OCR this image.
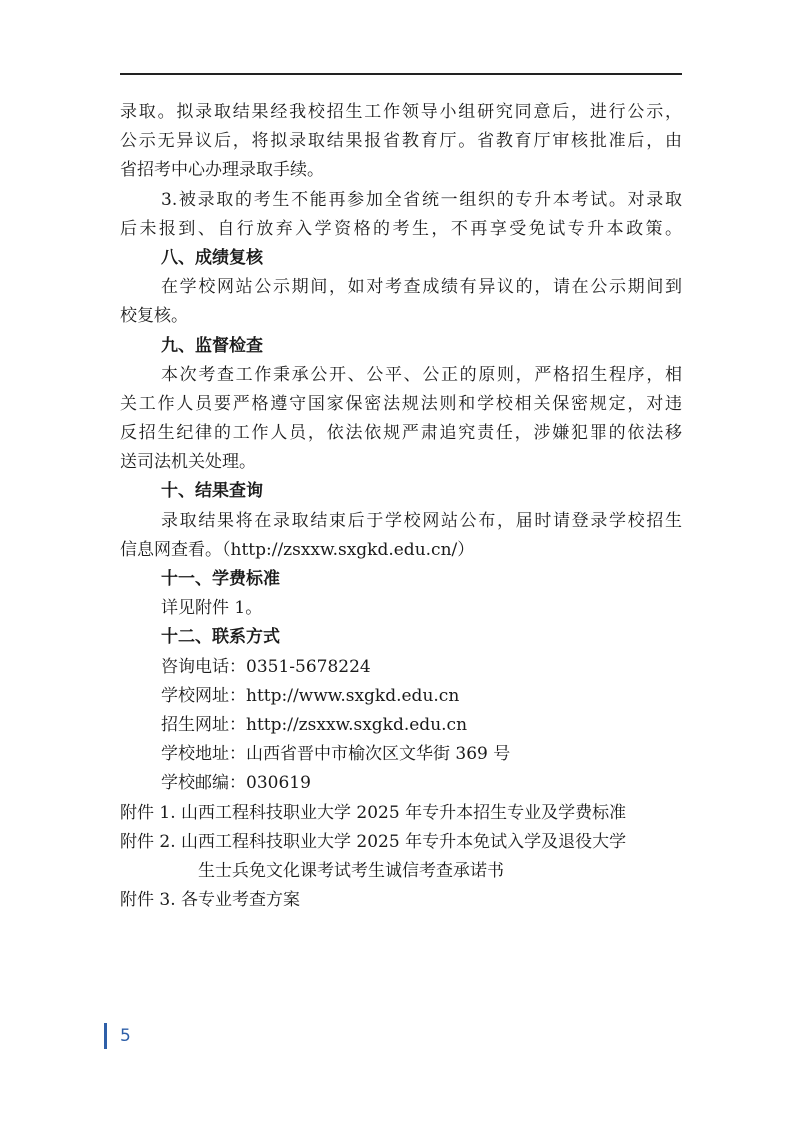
录取。拟录取结果经我校招生工作领导小组研究同意后，进行公示，
公示无异议后，将拟录取结果报省教育厅。省教育厅审核批准后，由
省招考中心办理录取手续。
3.被录取的考生不能再参加全省统一组织的专升本考试。对录取
后未报到、自行放弃入学资格的考生，不再享受免试专升本政策。
八、成绩复核
在学校网站公示期间，如对考查成绩有异议的，请在公示期间到
校复核。
九、监督检查
本次考查工作秉承公开、公平、公正的原则，严格招生程序，相
关工作人员要严格遵守国家保密法规法则和学校相关保密规定，对违
反招生纪律的工作人员，依法依规严肃追究责任，涉嫌犯罪的依法移
送司法机关处理。
十、结果查询
录取结果将在录取结束后于学校网站公布，届时请登录学校招生
信息网查看。（http://zsxxw.sxgkd.edu.cn/）
十一、学费标准
详见附件 1。
十二、联系方式
咨询电话：0351-5678224
学校网址：http://www.sxgkd.edu.cn
招生网址：http://zsxxw.sxgkd.edu.cn
学校地址：山西省晋中市榆次区文华街 369 号
学校邮编：030619
附件 1. 山西工程科技职业大学 2025 年专升本招生专业及学费标准
附件 2. 山西工程科技职业大学 2025 年专升本免试入学及退役大学
生士兵免文化课考试考生诚信考查承诺书
附件 3. 各专业考查方案
5
